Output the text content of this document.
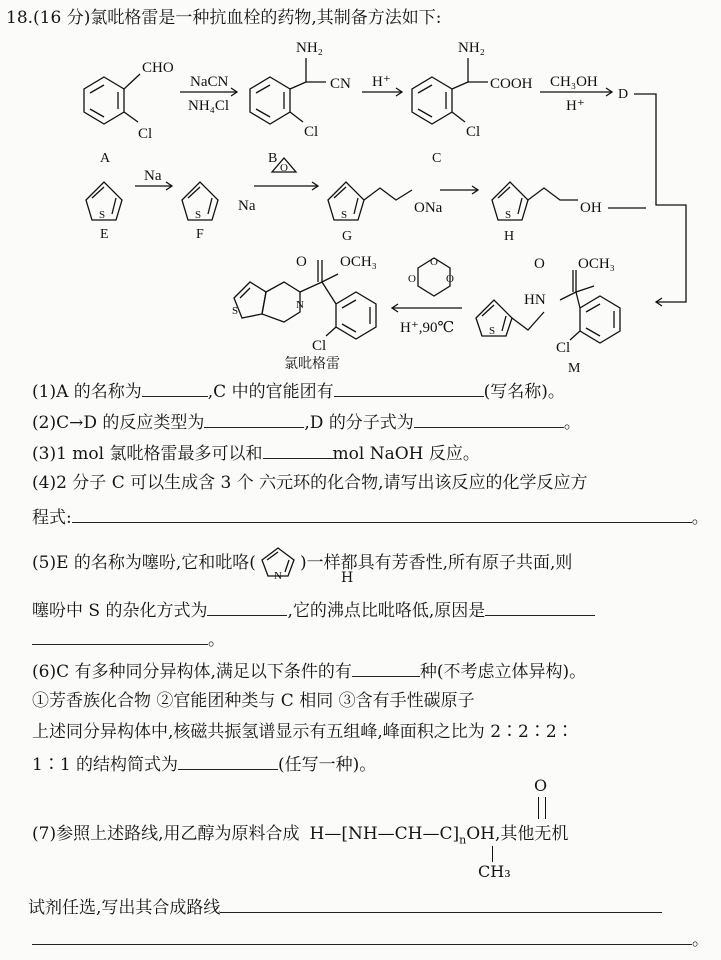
18.(16 分)氯吡格雷是一种抗血栓的药物,其制备方法如下:
CHO
Cl
A
NaCN
NH₄Cl
NH₂
CN
Cl
B
H⁺
NH₂
COOH
Cl
C
CH₃OH
H⁺
D
S
E
Na
S
Na
F
O
S	ONa
G
S	OH
H
O OCH₃
HN
S
Cl
M
O
O	O
H⁺,90℃
O OCH₃
S	N
Cl
氯吡格雷
(1)A 的名称为	,C 中的官能团有	(写名称)。
(2)C→D 的反应类型为	,D 的分子式为	。
(3)1 mol 氯吡格雷最多可以和	mol NaOH 反应。
(4)2 分子 C 可以生成含 3 个 六元环的化合物,请写出该反应的化学反应方
程式:	。
(5)E 的名称为噻吩,它和吡咯(
N
)一样都具有芳香性,所有原子共面,则
H
噻吩中 S 的杂化方式为	,它的沸点比吡咯低,原因是
。
(6)C 有多种同分异构体,满足以下条件的有	种(不考虑立体异构)。
①芳香族化合物 ②官能团种类与 C 相同 ③含有手性碳原子
上述同分异构体中,核磁共振氢谱显示有五组峰,峰面积之比为 2∶2∶2∶
1∶1 的结构简式为	(任写一种)。
(7)参照上述路线,用乙醇为原料合成 $H—[NH—CH—C]_nOH$,其他无机
O
CH₃
试剂任选,写出其合成路线
。
